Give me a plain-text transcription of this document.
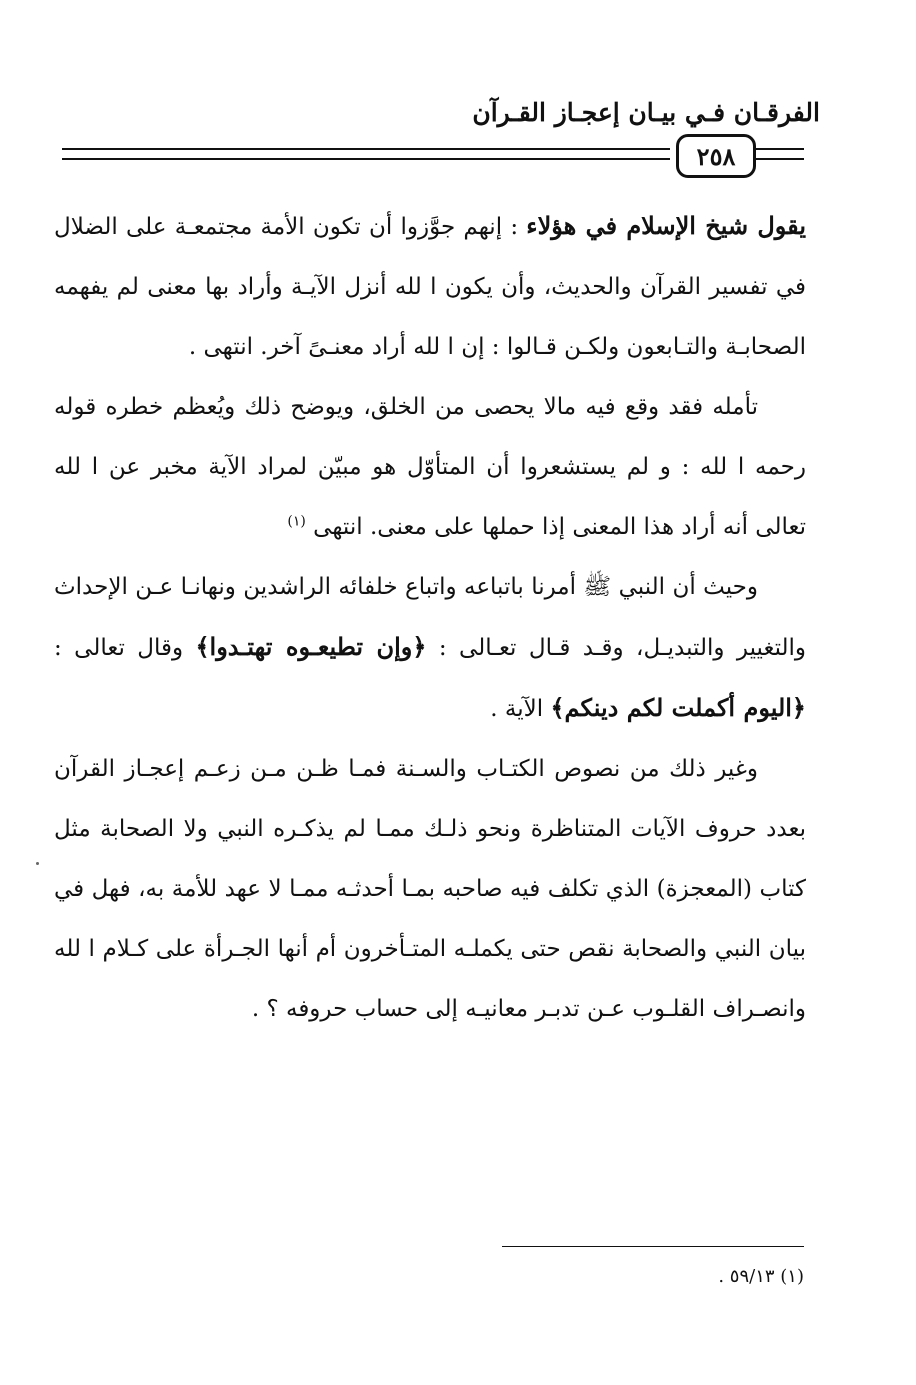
الفرقـان فـي بيـان إعجـاز القـرآن
٢٥٨

يقول شيخ الإسلام في هؤلاء : إنهم جوَّزوا أن تكون الأمة مجتمعـة على الضلال في تفسير القرآن والحديث، وأن يكون ا لله أنزل الآيـة وأراد بها معنى لم يفهمه الصحابـة والتـابعون ولكـن قـالوا : إن ا لله أراد معنـىً آخر. انتهى .

تأمله فقد وقع فيه مالا يحصى من الخلق، ويوضح ذلك ويُعظم خطره قوله رحمه ا لله : و لم يستشعروا أن المتأوّل هو مبيّن لمراد الآية مخبر عن ا لله تعالى أنه أراد هذا المعنى إذا حملها على معنى. انتهى $^{(١)}$

وحيث أن النبي ﷺ أمرنا باتباعه واتباع خلفائه الراشدين ونهانـا عـن الإحداث والتغيير والتبديـل، وقـد قـال تعـالى : ﴿وإن تطيعـوه تهتـدوا﴾ وقال تعالى : ﴿اليوم أكملت لكم دينكم﴾ الآية .

وغير ذلك من نصوص الكتـاب والسـنة فمـا ظـن مـن زعـم إعجـاز القرآن بعدد حروف الآيات المتناظرة ونحو ذلـك ممـا لم يذكـره النبي ولا الصحابة مثل كتاب (المعجزة) الذي تكلف فيه صاحبه بمـا أحدثـه ممـا لا عهد للأمة به، فهل في بيان النبي والصحابة نقص حتى يكملـه المتـأخرون أم أنها الجـرأة على كـلام ا لله وانصـراف القلـوب عـن تدبـر معانيـه إلى حساب حروفه ؟ .

(١) ٥٩/١٣ .
